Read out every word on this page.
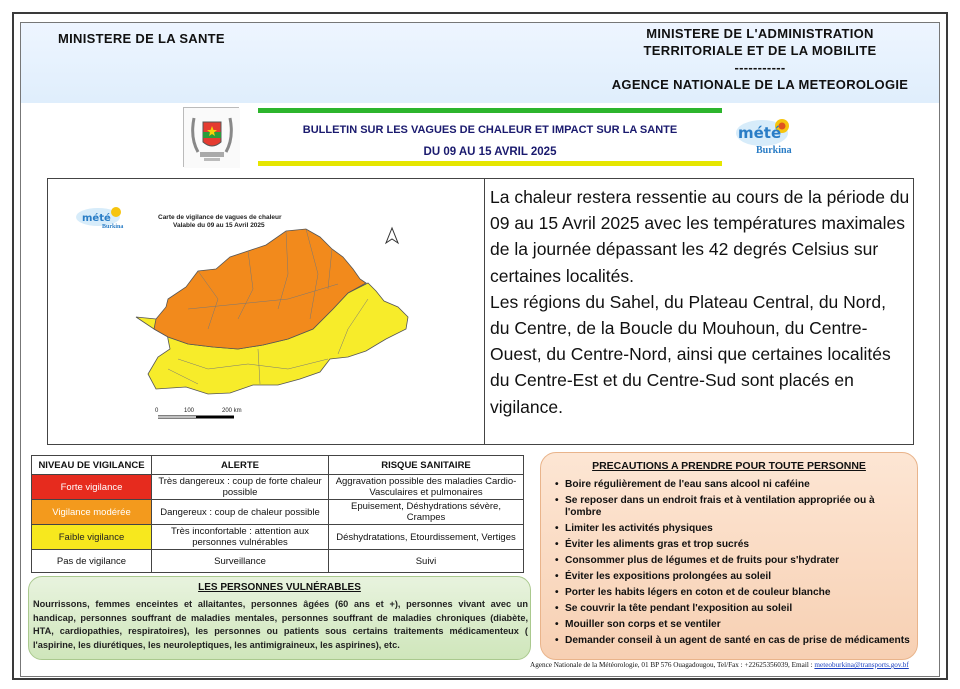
MINISTERE DE LA SANTE	MINISTERE DE L'ADMINISTRATION
TERRITORIALE ET DE LA MOBILITE
-----------
AGENCE NATIONALE DE LA METEOROLOGIE
mété
Burkina
BULLETIN SUR LES VAGUES DE CHALEUR ET IMPACT SUR LA SANTE
DU 09 AU 15 AVRIL 2025
mété
Burkina
Carte de vigilance de vagues de chaleur
Valable du 09 au 15 Avril 2025
0	100	200 km

La chaleur restera ressentie au cours de la période du 09 au 15 Avril 2025 avec les températures maximales de la journée dépassant les 42 degrés Celsius sur certaines localités.

Les régions du Sahel, du Plateau Central, du Nord, du Centre, de la Boucle du Mouhoun, du Centre-Ouest, du Centre-Nord, ainsi que certaines localités du Centre-Est et du Centre-Sud sont placés en vigilance.

NIVEAU DE VIGILANCE	ALERTE	RISQUE SANITAIRE
Forte vigilance	Très dangereux : coup de forte chaleur possible	Aggravation possible des maladies Cardio-Vasculaires et pulmonaires
Vigilance modérée	Dangereux : coup de chaleur possible	Epuisement, Déshydrations sévère, Crampes
Faible vigilance	Très inconfortable : attention aux personnes vulnérables	Déshydratations, Etourdissement, Vertiges
Pas de vigilance	Surveillance	Suivi
LES PERSONNES VULNÉRABLES
Nourrissons, femmes enceintes et allaitantes, personnes âgées (60 ans et +), personnes vivant avec un handicap, personnes souffrant de maladies mentales, personnes souffrant de maladies chroniques (diabète, HTA, cardiopathies, respiratoires), les personnes ou patients sous certains traitements médicamenteux ( l'aspirine, les diurétiques, les neuroleptiques, les antimigraineux, les aspirines), etc.
PRECAUTIONS A PRENDRE POUR TOUTE PERSONNE
• Boire régulièrement de l'eau sans alcool ni caféine
• Se reposer dans un endroit frais et à ventilation appropriée ou à l'ombre
• Limiter les activités physiques
• Éviter les aliments gras et trop sucrés
• Consommer plus de légumes et de fruits pour s'hydrater
• Éviter les expositions prolongées au soleil
• Porter les habits légers en coton et de couleur blanche
• Se couvrir la tête pendant l'exposition au soleil
• Mouiller son corps et se ventiler
• Demander conseil à un agent de santé en cas de prise de médicaments
Agence Nationale de la Météorologie, 01 BP 576 Ouagadougou, Tel/Fax : +22625356039, Email : meteoburkina@transports.gov.bf
